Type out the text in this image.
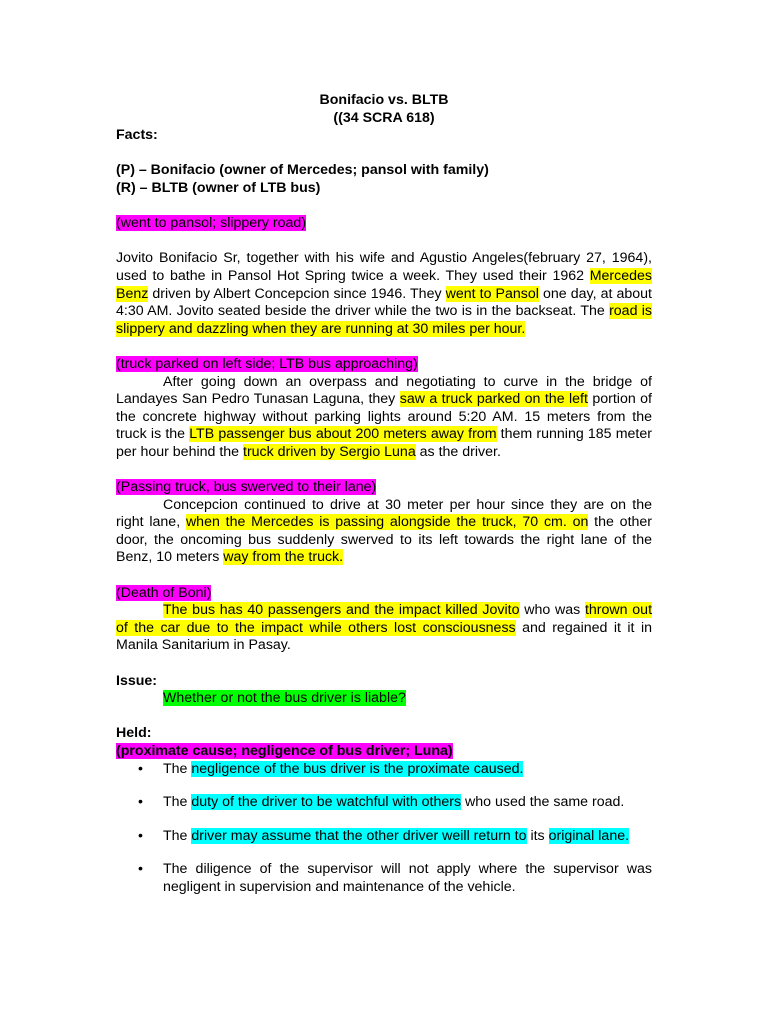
Bonifacio vs. BLTB
((34 SCRA 618)
Facts:
(P) – Bonifacio (owner of Mercedes; pansol with family)
(R) – BLTB (owner of LTB bus)
(went to pansol; slippery road)
Jovito Bonifacio Sr, together with his wife and Agustio Angeles(february 27, 1964), used to bathe in Pansol Hot Spring twice a week. They used their 1962 Mercedes Benz driven by Albert Concepcion since 1946. They went to Pansol one day, at about 4:30 AM. Jovito seated beside the driver while the two is in the backseat. The road is slippery and dazzling when they are running at 30 miles per hour.
(truck parked on left side; LTB bus approaching)
After going down an overpass and negotiating to curve in the bridge of Landayes San Pedro Tunasan Laguna, they saw a truck parked on the left portion of the concrete highway without parking lights around 5:20 AM. 15 meters from the truck is the LTB passenger bus about 200 meters away from them running 185 meter per hour behind the truck driven by Sergio Luna as the driver.
(Passing truck, bus swerved to their lane)
Concepcion continued to drive at 30 meter per hour since they are on the right lane, when the Mercedes is passing alongside the truck, 70 cm. on the other door, the oncoming bus suddenly swerved to its left towards the right lane of the Benz, 10 meters way from the truck.
(Death of Boni)
The bus has 40 passengers and the impact killed Jovito who was thrown out of the car due to the impact while others lost consciousness and regained it it in Manila Sanitarium in Pasay.
Issue:
Whether or not the bus driver is liable?
Held:
(proximate cause; negligence of bus driver; Luna)
• The negligence of the bus driver is the proximate caused.
• The duty of the driver to be watchful with others who used the same road.
• The driver may assume that the other driver weill return to its original lane.
• The diligence of the supervisor will not apply where the supervisor was negligent in supervision and maintenance of the vehicle.
